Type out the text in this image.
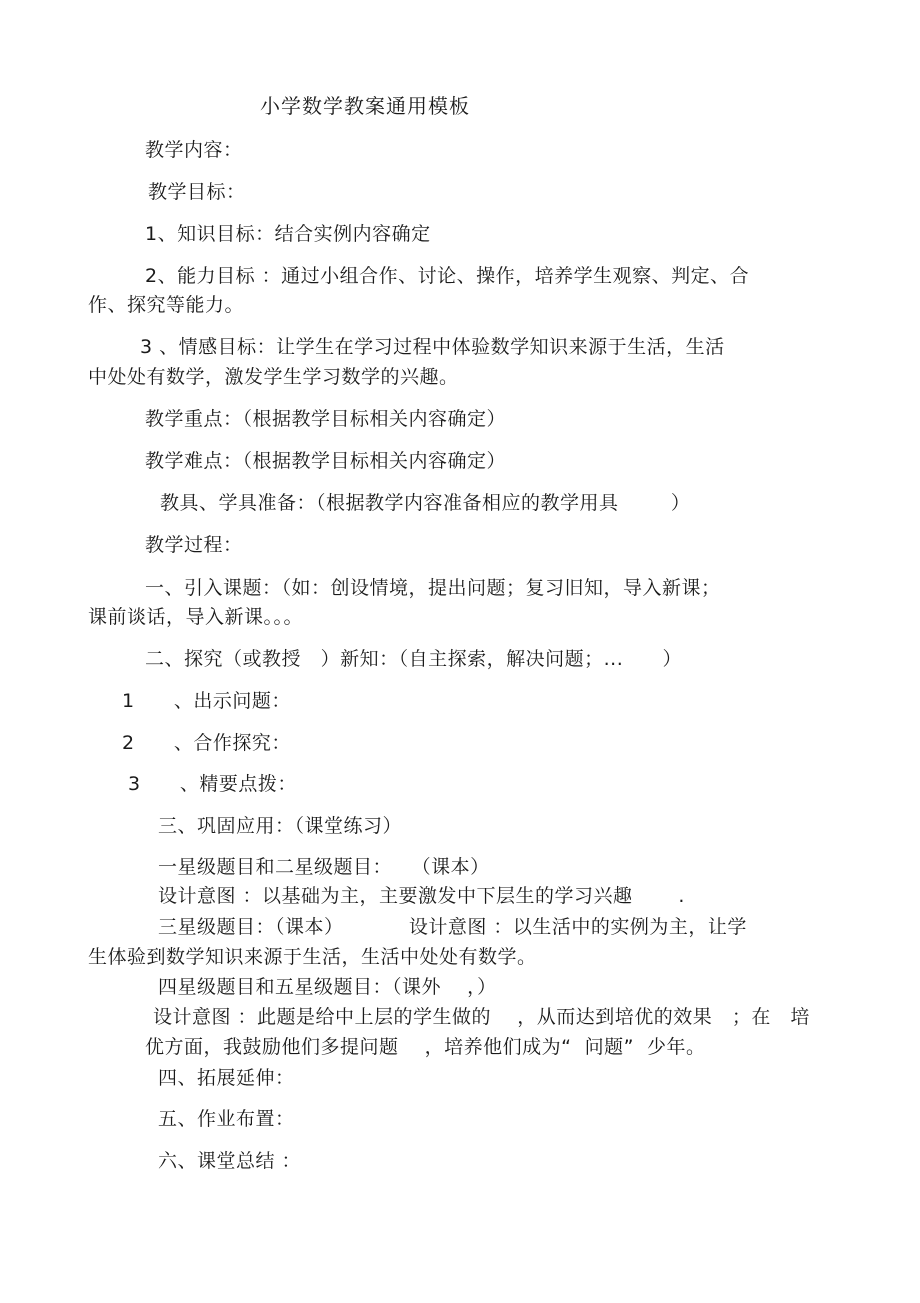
小学数学教案通用模板

教学内容：

教学目标：

1、知识目标：结合实例内容确定

2、能力目标 ：通过小组合作、讨论、操作，培养学生观察、判定、合

作、探究等能力。

3 、情感目标：让学生在学习过程中体验数学知识来源于生活，生活

中处处有数学，激发学生学习数学的兴趣。

教学重点：（根据教学目标相关内容确定）

教学难点：（根据教学目标相关内容确定）

教具、学具准备：（根据教学内容准备相应的教学用具        ）

教学过程：

一、引入课题：（如：创设情境，提出问题；复习旧知，导入新课；

课前谈话，导入新课。。。

二、探究（或教授   ）新知：（自主探索，解决问题；...      ）

1      、出示问题：

2      、合作探究：

3      、精要点拨：

三、巩固应用：（课堂练习）

一星级题目和二星级题目：   （课本）

设计意图 ：以基础为主，主要激发中下层生的学习兴趣       .

三星级题目：（课本）          设计意图 ：以生活中的实例为主，让学

生体验到数学知识来源于生活，生活中处处有数学。

四星级题目和五星级题目：（课外    ，）

设计意图 ：此题是给中上层的学生做的    ，从而达到培优的效果   ；在   培

优方面，我鼓励他们多提问题    ，培养他们成为“  问题”  少年。

四、拓展延伸：

五、作业布置：

六、课堂总结 ：
